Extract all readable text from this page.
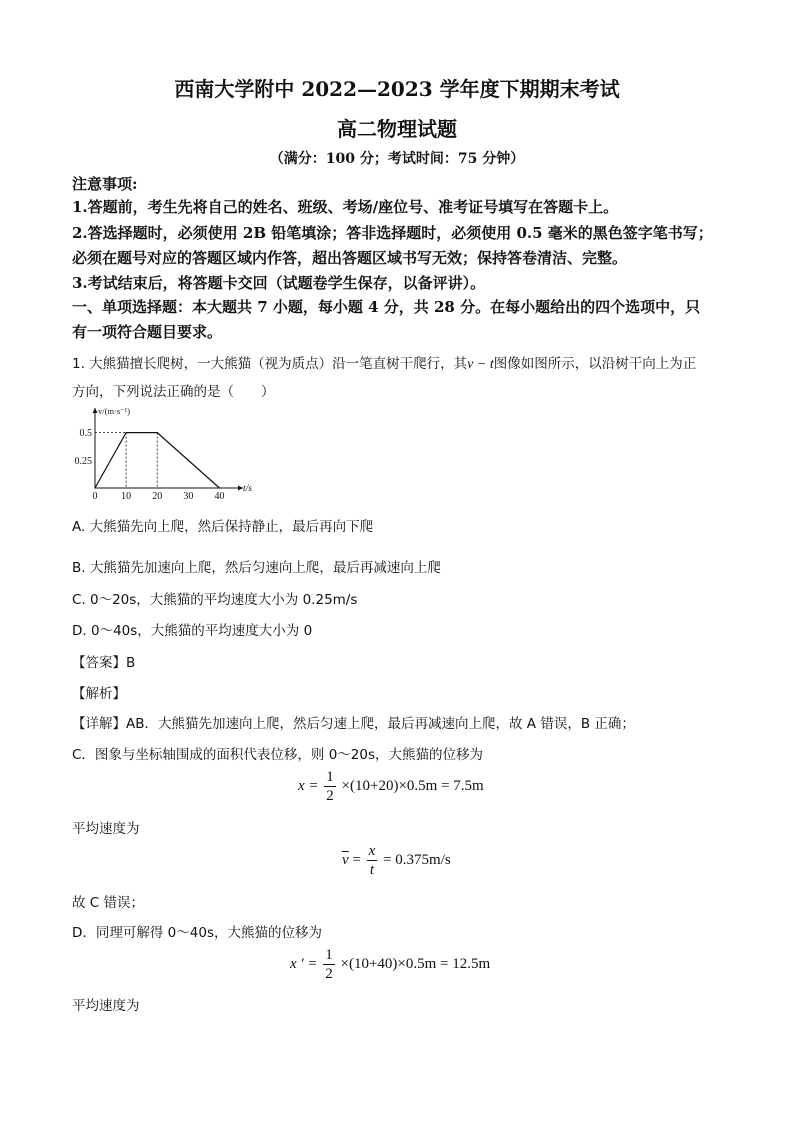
西南大学附中 2022—2023 学年度下期期末考试
高二物理试题
（满分：100 分；考试时间：75 分钟）
注意事项:
1.答题前，考生先将自己的姓名、班级、考场/座位号、准考证号填写在答题卡上。
2.答选择题时，必须使用 2B 铅笔填涂；答非选择题时，必须使用 0.5 毫米的黑色签字笔书写；
必须在题号对应的答题区域内作答，超出答题区域书写无效；保持答卷清洁、完整。
3.考试结束后，将答题卡交回（试题卷学生保存，以备评讲）。
一、单项选择题：本大题共 7 小题，每小题 4 分，共 28 分。在每小题给出的四个选项中，只
有一项符合题目要求。
1. 大熊猫擅长爬树，一大熊猫（视为质点）沿一笔直树干爬行，其v − t图像如图所示，以沿树干向上为正
方向，下列说法正确的是（　　）
v/(m·s⁻¹)
t/s
0 10 20 30 40
0.25
0.5
A. 大熊猫先向上爬，然后保持静止，最后再向下爬
B. 大熊猫先加速向上爬，然后匀速向上爬，最后再减速向上爬
C. 0～20s，大熊猫的平均速度大小为 0.25m/s
D. 0～40s，大熊猫的平均速度大小为 0
【答案】B
【解析】
【详解】AB．大熊猫先加速向上爬，然后匀速上爬，最后再减速向上爬，故 A 错误，B 正确；
C．图象与坐标轴围成的面积代表位移，则 0～20s，大熊猫的位移为
$x = \frac{1}{2} \times(10+20)\times 0.5m = 7.5m$
平均速度为
$\overline{v} = \frac{x}{t} = 0.375m/s$
故 C 错误；
D．同理可解得 0～40s，大熊猫的位移为
x ' = $\frac{1}{2} \times(10+40)\times 0.5m = 12.5m$
平均速度为
